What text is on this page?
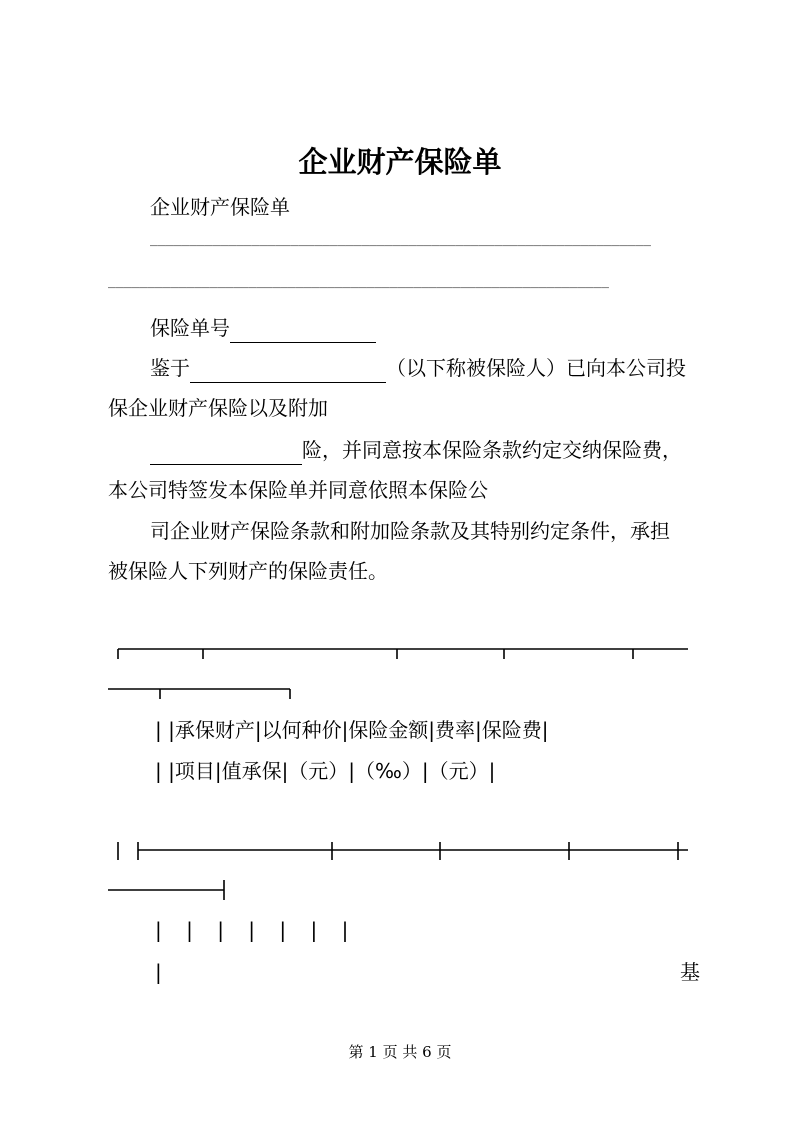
企业财产保险单
企业财产保险单
________________________________________________________________
________________________________________________________________
保险单号
鉴于	（以下称被保险人）已向本公司投
保企业财产保险以及附加
险，并同意按本保险条款约定交纳保险费，
本公司特签发本保险单并同意依照本保险公
司企业财产保险条款和附加险条款及其特别约定条件，承担
被保险人下列财产的保险责任。
| |承保财产|以何种价|保险金额|费率|保险费|
| |项目|值承保|（元）|（‰）|（元）|
| | | | | | |
|	基
第 1 页 共 6 页
